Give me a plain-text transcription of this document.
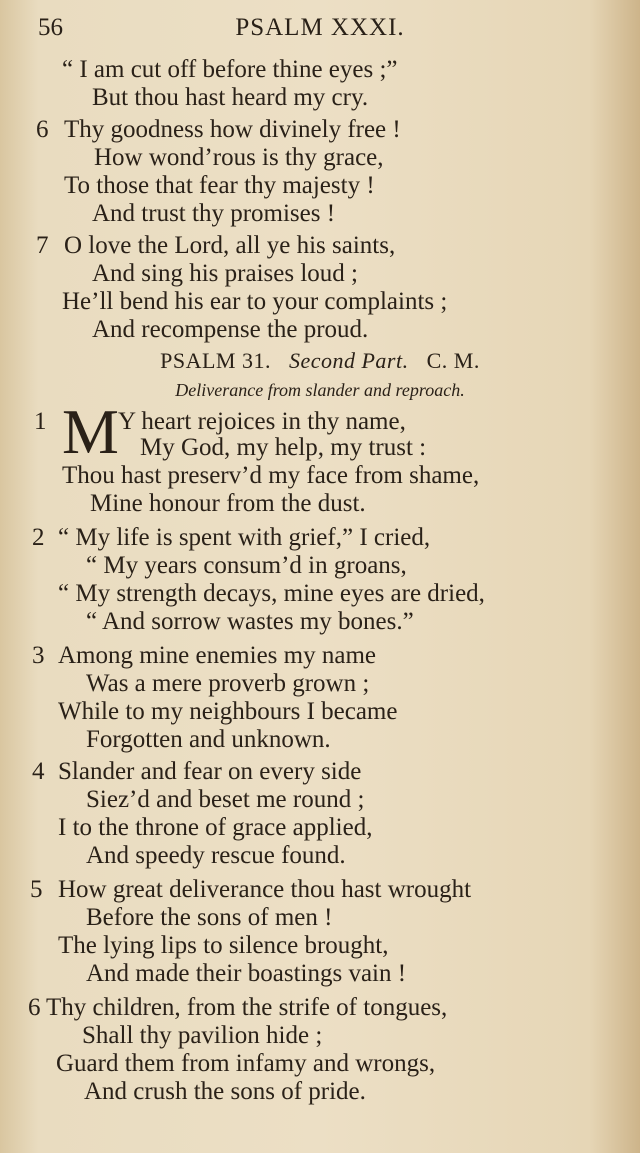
56	PSALM XXXI.
“ I am cut off before thine eyes ;”
But thou hast heard my cry.
6 Thy goodness how divinely free !
How wond’rous is thy grace,
To those that fear thy majesty !
And trust thy promises !
7 O love the Lord, all ye his saints,
And sing his praises loud ;
He’ll bend his ear to your complaints ;
And recompense the proud.
PSALM 31. Second Part. C. M.
Deliverance from slander and reproach.
1 M Y heart rejoices in thy name,
My God, my help, my trust :
Thou hast preserv’d my face from shame,
Mine honour from the dust.
2 “ My life is spent with grief,” I cried,
“ My years consum’d in groans,
“ My strength decays, mine eyes are dried,
“ And sorrow wastes my bones.”
3 Among mine enemies my name
Was a mere proverb grown ;
While to my neighbours I became
Forgotten and unknown.
4 Slander and fear on every side
Siez’d and beset me round ;
I to the throne of grace applied,
And speedy rescue found.
5 How great deliverance thou hast wrought
Before the sons of men !
The lying lips to silence brought,
And made their boastings vain !
6 Thy children, from the strife of tongues,
Shall thy pavilion hide ;
Guard them from infamy and wrongs,
And crush the sons of pride.
